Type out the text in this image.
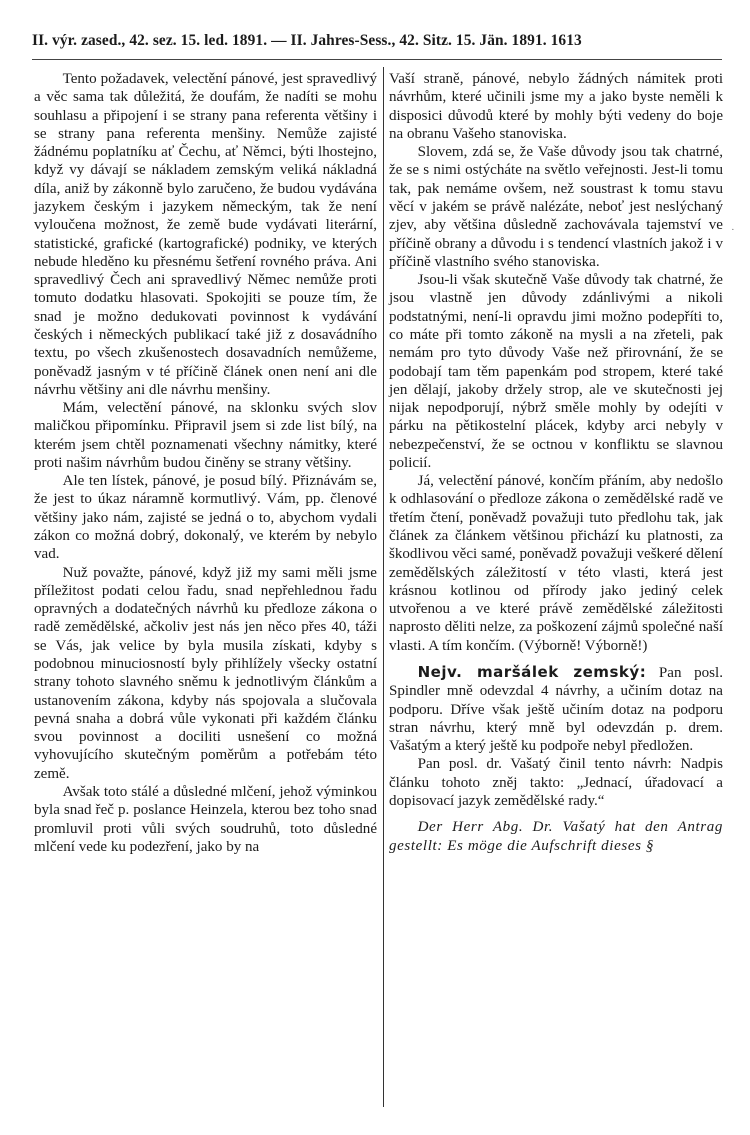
II. výr. zased., 42. sez. 15. led. 1891. — II. Jahres-Sess., 42. Sitz. 15. Jän. 1891. 1613
·

Tento požadavek, velectění pánové, jest spravedlivý a věc sama tak důležitá, že doufám, že nadíti se mohu souhlasu a připojení i se strany pana referenta většiny i se strany pana referenta menšiny. Nemůže zajisté žádnému poplatníku ať Čechu, ať Němci, býti lhostejno, když vy dávají se nákladem zemským veliká nákladná díla, aniž by zákonně bylo zaručeno, že budou vydávána jazykem českým i jazykem německým, tak že není vyloučena možnost, že země bude vydávati literární, statistické, grafické (kartografické) podniky, ve kterých nebude hleděno ku přesnému šetření rovného práva. Ani spravedlivý Čech ani spravedlivý Němec nemůže proti tomuto dodatku hlasovati. Spokojiti se pouze tím, že snad je možno dedukovati povinnost k vydávání českých i německých publikací také již z dosavádního textu, po všech zkušenostech dosavadních nemůžeme, poněvadž jasným v té příčině článek onen není ani dle návrhu většiny ani dle návrhu menšiny.

Mám, velectění pánové, na sklonku svých slov maličkou připomínku. Připravil jsem si zde list bílý, na kterém jsem chtěl poznamenati všechny námitky, které proti našim návrhům budou činěny se strany většiny.

Ale ten lístek, pánové, je posud bílý. Přiznávám se, že jest to úkaz náramně kormutlivý. Vám, pp. členové většiny jako nám, zajisté se jedná o to, abychom vydali zákon co možná dobrý, dokonalý, ve kterém by nebylo vad.

Nuž považte, pánové, když již my sami měli jsme příležitost podati celou řadu, snad nepřehlednou řadu opravných a dodatečných návrhů ku předloze zákona o radě zemědělské, ačkoliv jest nás jen něco přes 40, táži se Vás, jak velice by byla musila získati, kdyby s podobnou minuciosností byly přihlížely všecky ostatní strany tohoto slavného sněmu k jednotlivým článkům a ustanovením zákona, kdyby nás spojovala a slučovala pevná snaha a dobrá vůle vykonati při každém článku svou povinnost a dociliti usnešení co možná vyhovujícího skutečným poměrům a potřebám této země.

Avšak toto stálé a důsledné mlčení, jehož výminkou byla snad řeč p. poslance Heinzela, kterou bez toho snad promluvil proti vůli svých soudruhů, toto důsledné mlčení vede ku podezření, jako by na

Vaší straně, pánové, nebylo žádných námitek proti návrhům, které učinili jsme my a jako byste neměli k disposici důvodů které by mohly býti vedeny do boje na obranu Vašeho stanoviska.

Slovem, zdá se, že Vaše důvody jsou tak chatrné, že se s nimi ostýcháte na světlo veřejnosti. Jest-li tomu tak, pak nemáme ovšem, než soustrast k tomu stavu věcí v jakém se právě nalézáte, neboť jest neslýchaný zjev, aby většina důsledně zachovávala tajemství ve příčině obrany a důvodu i s tendencí vlastních jakož i v příčině vlastního svého stanoviska.

Jsou-li však skutečně Vaše důvody tak chatrné, že jsou vlastně jen důvody zdánlivými a nikoli podstatnými, není-li opravdu jimi možno podepříti to, co máte při tomto zákoně na mysli a na zřeteli, pak nemám pro tyto důvody Vaše než přirovnání, že se podobají tam těm papenkám pod stropem, které také jen dělají, jakoby držely strop, ale ve skutečnosti jej nijak nepodporují, nýbrž směle mohly by odejíti v párku na pětikostelní plácek, kdyby arci nebyly v nebezpečenství, že se octnou v konfliktu se slavnou policií.

Já, velectění pánové, končím přáním, aby nedošlo k odhlasování o předloze zákona o zemědělské radě ve třetím čtení, poněvadž považuji tuto předlohu tak, jak článek za článkem většinou přichází ku platnosti, za škodlivou věci samé, poněvadž považuji veškeré dělení zemědělských záležitostí v této vlasti, která jest krásnou kotlinou od přírody jako jediný celek utvořenou a ve které právě zemědělské záležitosti naprosto děliti nelze, za poškození zájmů společné naší vlasti. A tím končím. (Výborně! Výborně!)

Nejv. maršálek zemský: Pan posl. Spindler mně odevzdal 4 návrhy, a učiním dotaz na podporu. Dříve však ještě učiním dotaz na podporu stran návrhu, který mně byl odevzdán p. drem. Vašatým a který ještě ku podpoře nebyl předložen.

Pan posl. dr. Vašatý činil tento návrh: Nadpis článku tohoto zněj takto: „Jednací, úřadovací a dopisovací jazyk zemědělské rady.“

Der Herr Abg. Dr. Vašatý hat den Antrag gestellt: Es möge die Aufschrift dieses §
